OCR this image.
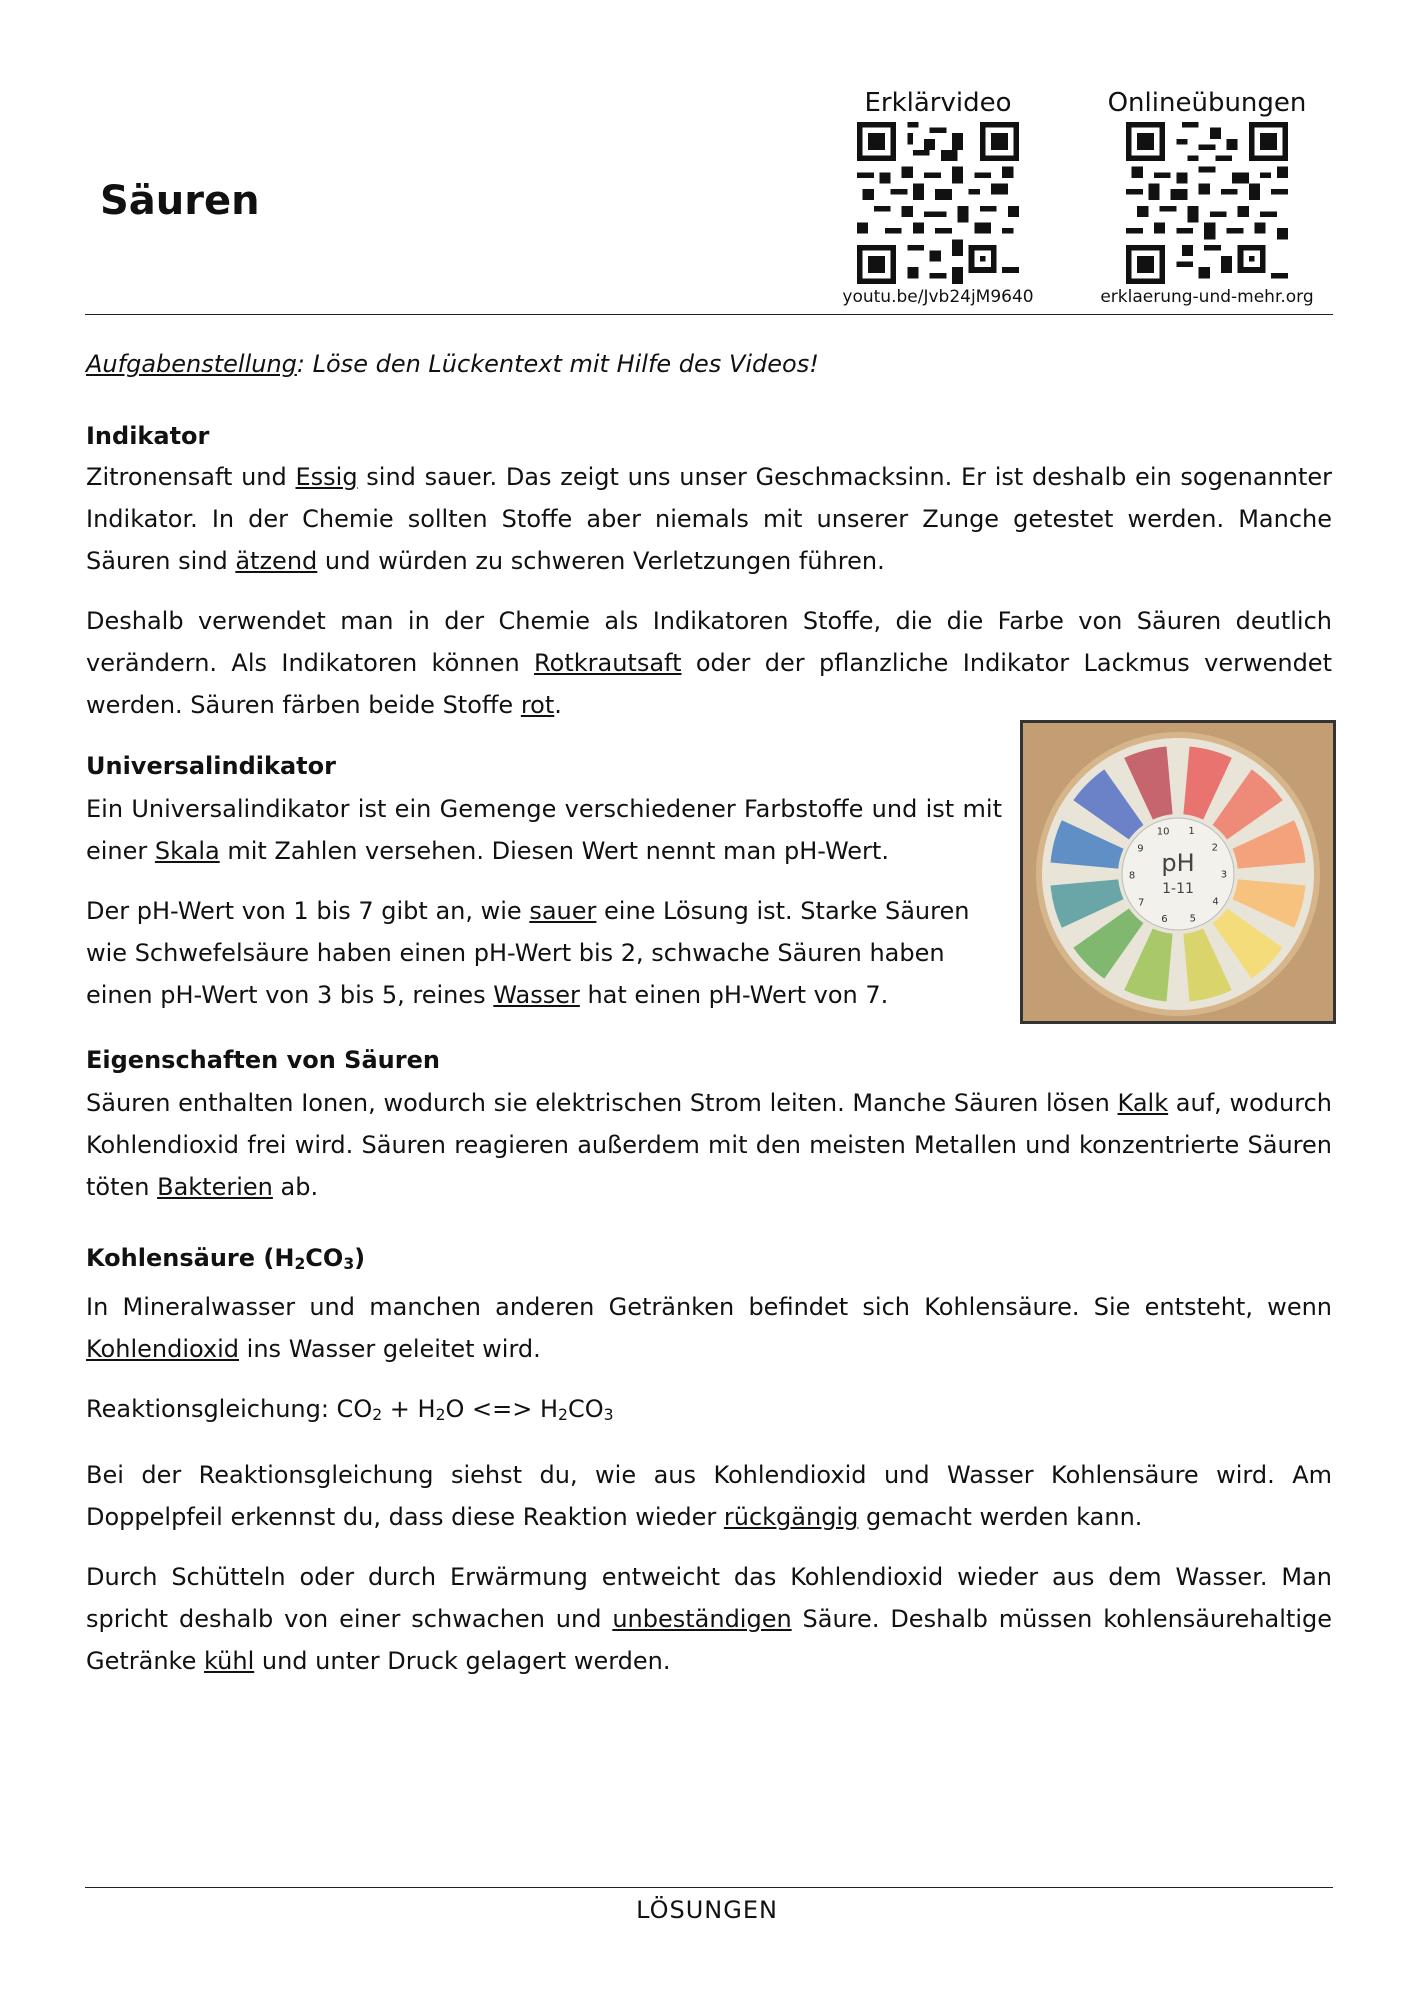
Säuren
Erklärvideo
youtu.be/Jvb24jM9640
Onlineübungen
erklaerung-und-mehr.org
Aufgabenstellung: Löse den Lückentext mit Hilfe des Videos!

Indikator

Zitronensaft und Essig sind sauer. Das zeigt uns unser Geschmacksinn. Er ist deshalb ein sogenannter Indikator. In der Chemie sollten Stoffe aber niemals mit unserer Zunge getestet werden. Manche Säuren sind ätzend und würden zu schweren Verletzungen führen.

Deshalb verwendet man in der Chemie als Indikatoren Stoffe, die die Farbe von Säuren deutlich verändern. Als Indikatoren können Rotkrautsaft oder der pflanzliche Indikator Lackmus verwendet werden. Säuren färben beide Stoffe rot.

Universalindikator

Ein Universalindikator ist ein Gemenge verschiedener Farbstoffe und ist mit einer Skala mit Zahlen versehen. Diesen Wert nennt man pH-Wert.

Der pH-Wert von 1 bis 7 gibt an, wie sauer eine Lösung ist. Starke Säuren wie Schwefelsäure haben einen pH-Wert bis 2, schwache Säuren haben einen pH-Wert von 3 bis 5, reines Wasser hat einen pH-Wert von 7.

pH
1-11
1
2
3
4
5
6
7
8
9
10

Eigenschaften von Säuren

Säuren enthalten Ionen, wodurch sie elektrischen Strom leiten. Manche Säuren lösen Kalk auf, wodurch Kohlendioxid frei wird. Säuren reagieren außerdem mit den meisten Metallen und konzentrierte Säuren töten Bakterien ab.

Kohlensäure $(H_2CO_3)$

In Mineralwasser und manchen anderen Getränken befindet sich Kohlensäure. Sie entsteht, wenn Kohlendioxid ins Wasser geleitet wird.

Reaktionsgleichung: $CO_2 + H_2O$ <=> $H_2CO_3$

Bei der Reaktionsgleichung siehst du, wie aus Kohlendioxid und Wasser Kohlensäure wird. Am Doppelpfeil erkennst du, dass diese Reaktion wieder rückgängig gemacht werden kann.

Durch Schütteln oder durch Erwärmung entweicht das Kohlendioxid wieder aus dem Wasser. Man spricht deshalb von einer schwachen und unbeständigen Säure. Deshalb müssen kohlensäurehaltige Getränke kühl und unter Druck gelagert werden.

LÖSUNGEN
